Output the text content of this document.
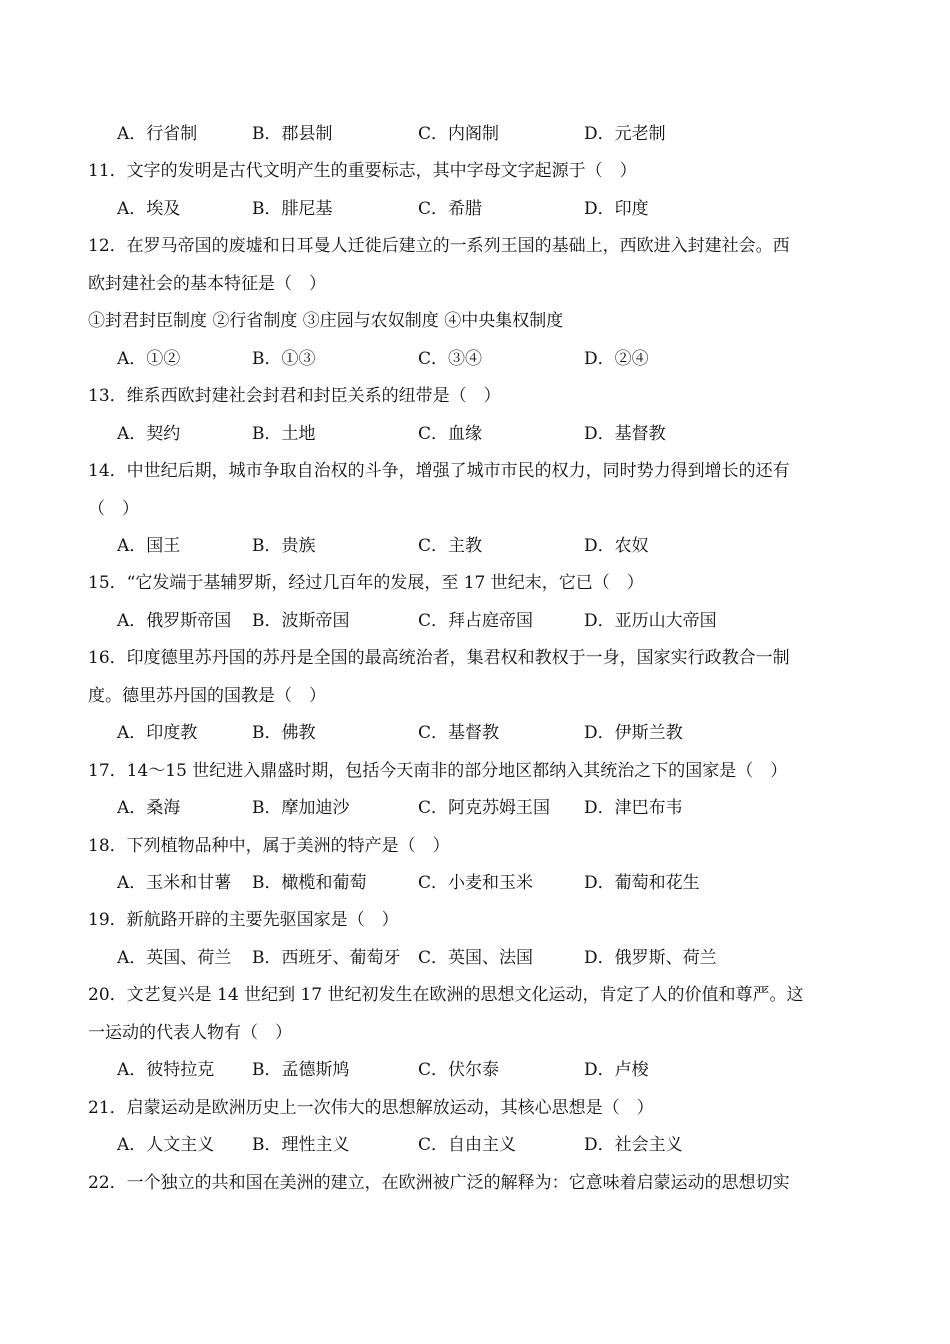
A．行省制	B．郡县制	C．内阁制	D．元老制
11．文字的发明是古代文明产生的重要标志，其中字母文字起源于（　）
A．埃及	B．腓尼基	C．希腊	D．印度
12．在罗马帝国的废墟和日耳曼人迁徙后建立的一系列王国的基础上，西欧进入封建社会。西
欧封建社会的基本特征是（　）
①封君封臣制度 ②行省制度 ③庄园与农奴制度 ④中央集权制度
A．①②	B．①③	C．③④	D．②④
13．维系西欧封建社会封君和封臣关系的纽带是（　）
A．契约	B．土地	C．血缘	D．基督教
14．中世纪后期，城市争取自治权的斗争，增强了城市市民的权力，同时势力得到增长的还有
（　）
A．国王	B．贵族	C．主教	D．农奴
15．“它发端于基辅罗斯，经过几百年的发展，至 17 世纪末，它已（　）
A．俄罗斯帝国 B．波斯帝国	C．拜占庭帝国	D．亚历山大帝国
16．印度德里苏丹国的苏丹是全国的最高统治者，集君权和教权于一身，国家实行政教合一制
度。德里苏丹国的国教是（　）
A．印度教	B．佛教	C．基督教	D．伊斯兰教
17．14～15 世纪进入鼎盛时期，包括今天南非的部分地区都纳入其统治之下的国家是（　）
A．桑海	B．摩加迪沙	C．阿克苏姆王国 D．津巴布韦
18．下列植物品种中，属于美洲的特产是（　）
A．玉米和甘薯 B．橄榄和葡萄	C．小麦和玉米	D．葡萄和花生
19．新航路开辟的主要先驱国家是（　）
A．英国、荷兰 B．西班牙、葡萄牙 C．英国、法国	D．俄罗斯、荷兰
20．文艺复兴是 14 世纪到 17 世纪初发生在欧洲的思想文化运动，肯定了人的价值和尊严。这
一运动的代表人物有（　）
A．彼特拉克 B．孟德斯鸠	C．伏尔泰	D．卢梭
21．启蒙运动是欧洲历史上一次伟大的思想解放运动，其核心思想是（　）
A．人文主义 B．理性主义	C．自由主义	D．社会主义
22．一个独立的共和国在美洲的建立，在欧洲被广泛的解释为：它意味着启蒙运动的思想切实
